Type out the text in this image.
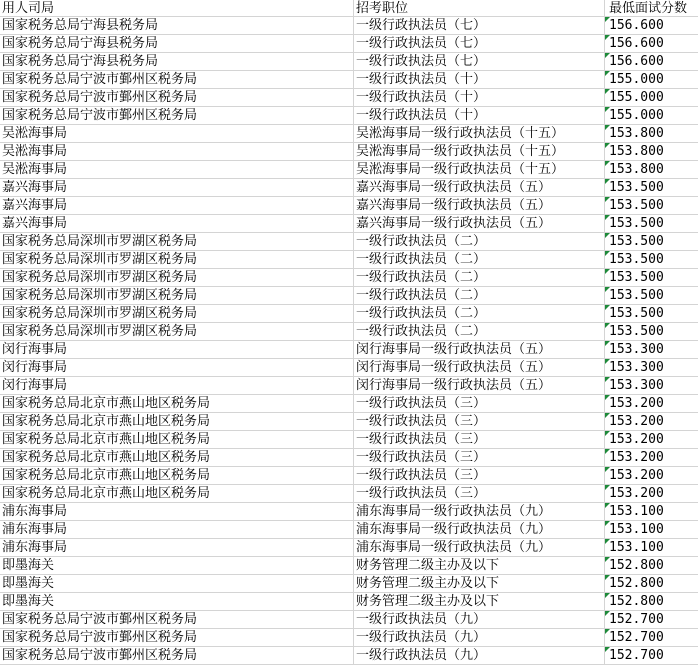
用人司局	招考职位	最低面试分数
国家税务总局宁海县税务局	一级行政执法员（七）	156.600
国家税务总局宁海县税务局	一级行政执法员（七）	156.600
国家税务总局宁海县税务局	一级行政执法员（七）	156.600
国家税务总局宁波市鄞州区税务局	一级行政执法员（十）	155.000
国家税务总局宁波市鄞州区税务局	一级行政执法员（十）	155.000
国家税务总局宁波市鄞州区税务局	一级行政执法员（十）	155.000
吴淞海事局	吴淞海事局一级行政执法员（十五）	153.800
吴淞海事局	吴淞海事局一级行政执法员（十五）	153.800
吴淞海事局	吴淞海事局一级行政执法员（十五）	153.800
嘉兴海事局	嘉兴海事局一级行政执法员（五）	153.500
嘉兴海事局	嘉兴海事局一级行政执法员（五）	153.500
嘉兴海事局	嘉兴海事局一级行政执法员（五）	153.500
国家税务总局深圳市罗湖区税务局	一级行政执法员（二）	153.500
国家税务总局深圳市罗湖区税务局	一级行政执法员（二）	153.500
国家税务总局深圳市罗湖区税务局	一级行政执法员（二）	153.500
国家税务总局深圳市罗湖区税务局	一级行政执法员（二）	153.500
国家税务总局深圳市罗湖区税务局	一级行政执法员（二）	153.500
国家税务总局深圳市罗湖区税务局	一级行政执法员（二）	153.500
闵行海事局	闵行海事局一级行政执法员（五）	153.300
闵行海事局	闵行海事局一级行政执法员（五）	153.300
闵行海事局	闵行海事局一级行政执法员（五）	153.300
国家税务总局北京市燕山地区税务局	一级行政执法员（三）	153.200
国家税务总局北京市燕山地区税务局	一级行政执法员（三）	153.200
国家税务总局北京市燕山地区税务局	一级行政执法员（三）	153.200
国家税务总局北京市燕山地区税务局	一级行政执法员（三）	153.200
国家税务总局北京市燕山地区税务局	一级行政执法员（三）	153.200
国家税务总局北京市燕山地区税务局	一级行政执法员（三）	153.200
浦东海事局	浦东海事局一级行政执法员（九）	153.100
浦东海事局	浦东海事局一级行政执法员（九）	153.100
浦东海事局	浦东海事局一级行政执法员（九）	153.100
即墨海关	财务管理二级主办及以下	152.800
即墨海关	财务管理二级主办及以下	152.800
即墨海关	财务管理二级主办及以下	152.800
国家税务总局宁波市鄞州区税务局	一级行政执法员（九）	152.700
国家税务总局宁波市鄞州区税务局	一级行政执法员（九）	152.700
国家税务总局宁波市鄞州区税务局	一级行政执法员（九）	152.700
